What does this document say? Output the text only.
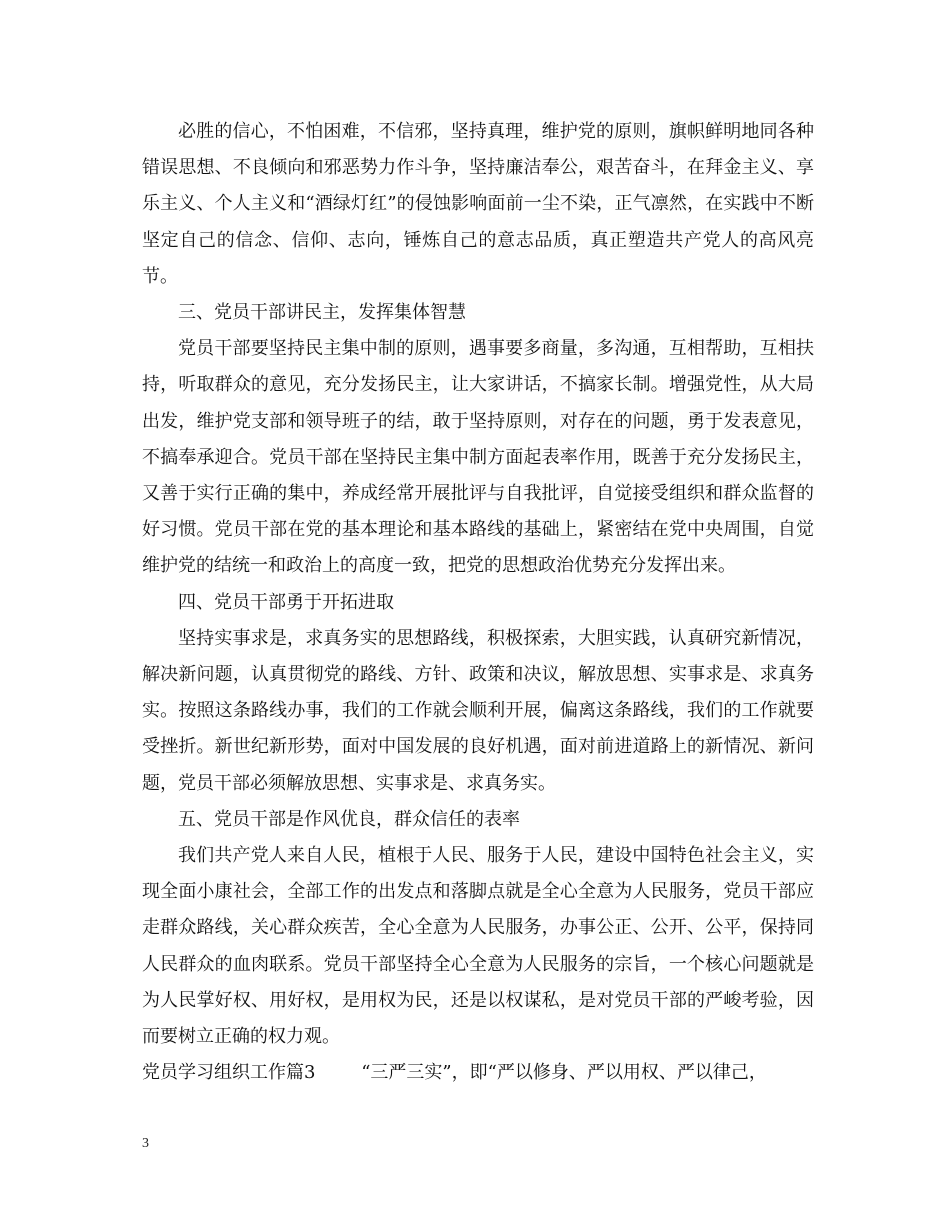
必胜的信心，不怕困难，不信邪，坚持真理，维护党的原则，旗帜鲜明地同各种错误思想、不良倾向和邪恶势力作斗争，坚持廉洁奉公，艰苦奋斗，在拜金主义、享乐主义、个人主义和“酒绿灯红”的侵蚀影响面前一尘不染，正气凛然，在实践中不断坚定自己的信念、信仰、志向，锤炼自己的意志品质，真正塑造共产党人的高风亮节。

三、党员干部讲民主，发挥集体智慧

党员干部要坚持民主集中制的原则，遇事要多商量，多沟通，互相帮助，互相扶持，听取群众的意见，充分发扬民主，让大家讲话，不搞家长制。增强党性，从大局出发，维护党支部和领导班子的结，敢于坚持原则，对存在的问题，勇于发表意见，不搞奉承迎合。党员干部在坚持民主集中制方面起表率作用，既善于充分发扬民主，又善于实行正确的集中，养成经常开展批评与自我批评，自觉接受组织和群众监督的好习惯。党员干部在党的基本理论和基本路线的基础上，紧密结在党中央周围，自觉维护党的结统一和政治上的高度一致，把党的思想政治优势充分发挥出来。

四、党员干部勇于开拓进取

坚持实事求是，求真务实的思想路线，积极探索，大胆实践，认真研究新情况，解决新问题，认真贯彻党的路线、方针、政策和决议，解放思想、实事求是、求真务实。按照这条路线办事，我们的工作就会顺利开展，偏离这条路线，我们的工作就要受挫折。新世纪新形势，面对中国发展的良好机遇，面对前进道路上的新情况、新问题，党员干部必须解放思想、实事求是、求真务实。

五、党员干部是作风优良，群众信任的表率

我们共产党人来自人民，植根于人民、服务于人民，建设中国特色社会主义，实现全面小康社会，全部工作的出发点和落脚点就是全心全意为人民服务，党员干部应走群众路线，关心群众疾苦，全心全意为人民服务，办事公正、公开、公平，保持同人民群众的血肉联系。党员干部坚持全心全意为人民服务的宗旨，一个核心问题就是为人民掌好权、用好权，是用权为民，还是以权谋私，是对党员干部的严峻考验，因而要树立正确的权力观。

党员学习组织工作篇3        “三严三实”，即“严以修身、严以用权、严以律己，

3
